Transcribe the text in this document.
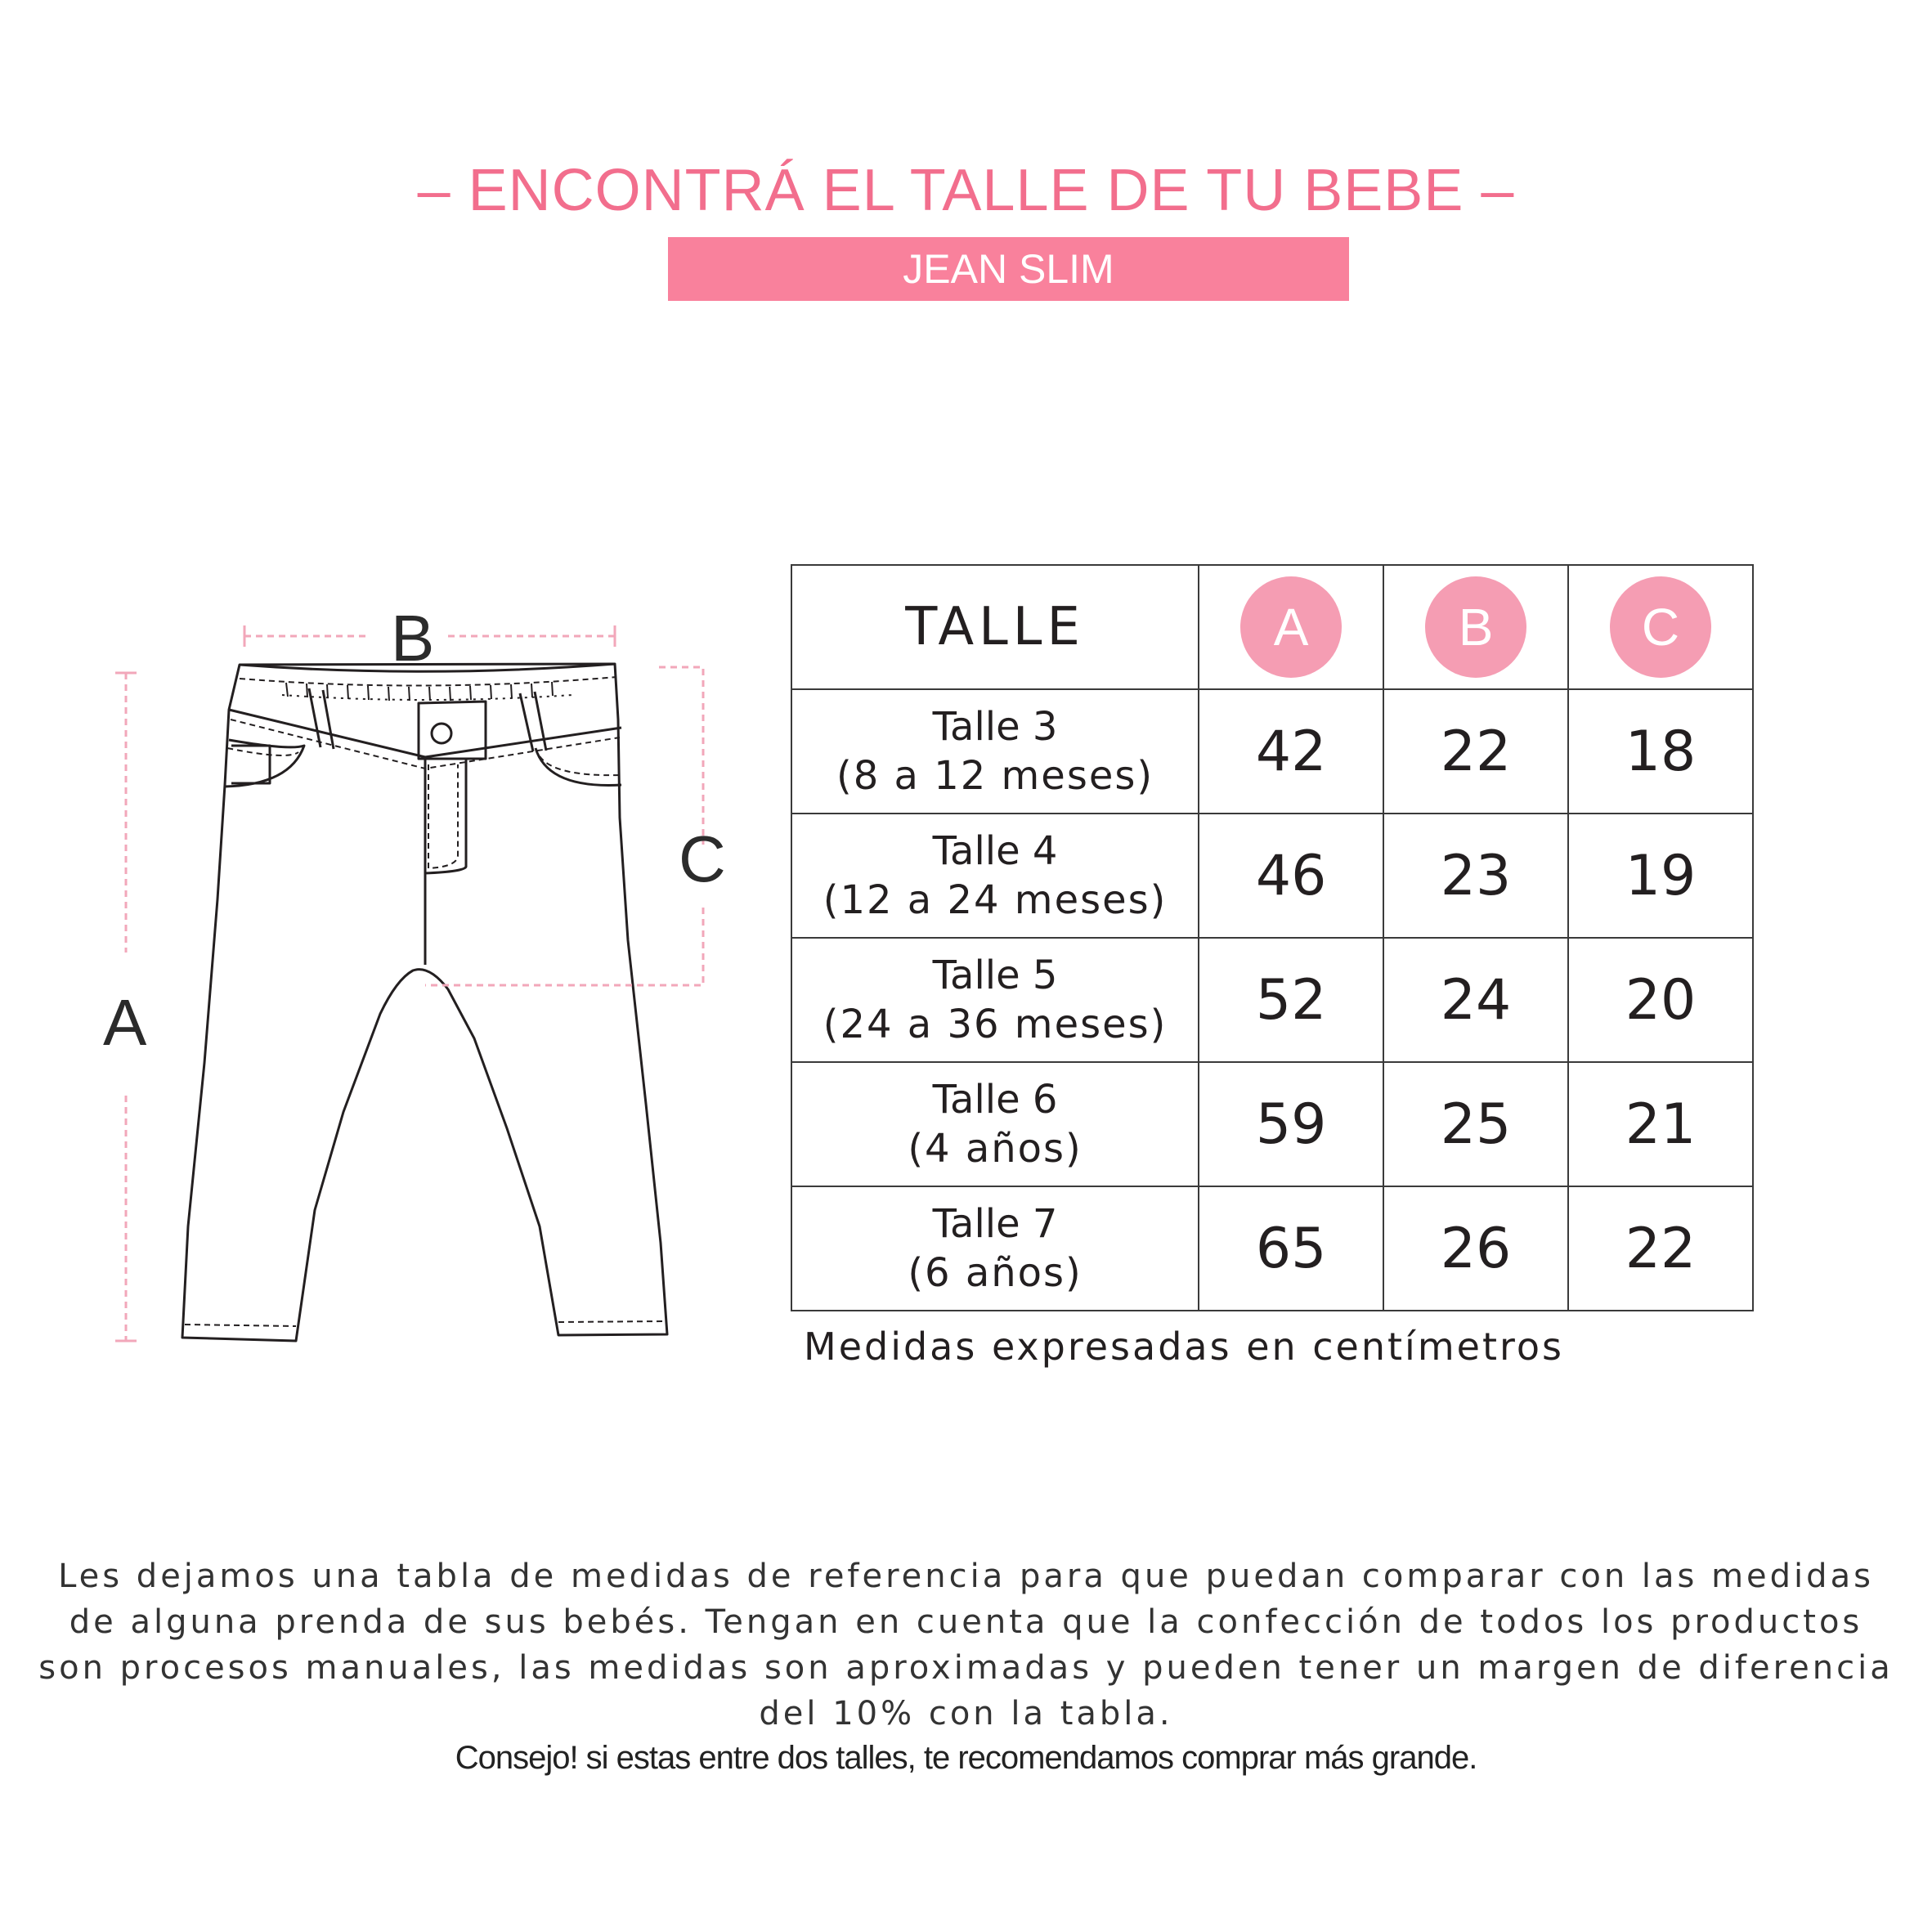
– ENCONTRÁ EL TALLE DE TU BEBE –
JEAN SLIM
B
A
C
TALLE	A	B	C

Talle 3
(8 a 12 meses)	42	22	18

Talle 4
(12 a 24 meses)	46	23	19

Talle 5
(24 a 36 meses)	52	24	20

Talle 6
(4 años)	59	25	21

Talle 7
(6 años)	65	26	22
Medidas expresadas en centímetros
Les dejamos una tabla de medidas de referencia para que puedan comparar con las medidas de alguna prenda de sus bebés. Tengan en cuenta que la confección de todos los productos son procesos manuales, las medidas son aproximadas y pueden tener un margen de diferencia del 10% con la tabla.
Consejo! si estas entre dos talles, te recomendamos comprar más grande.
